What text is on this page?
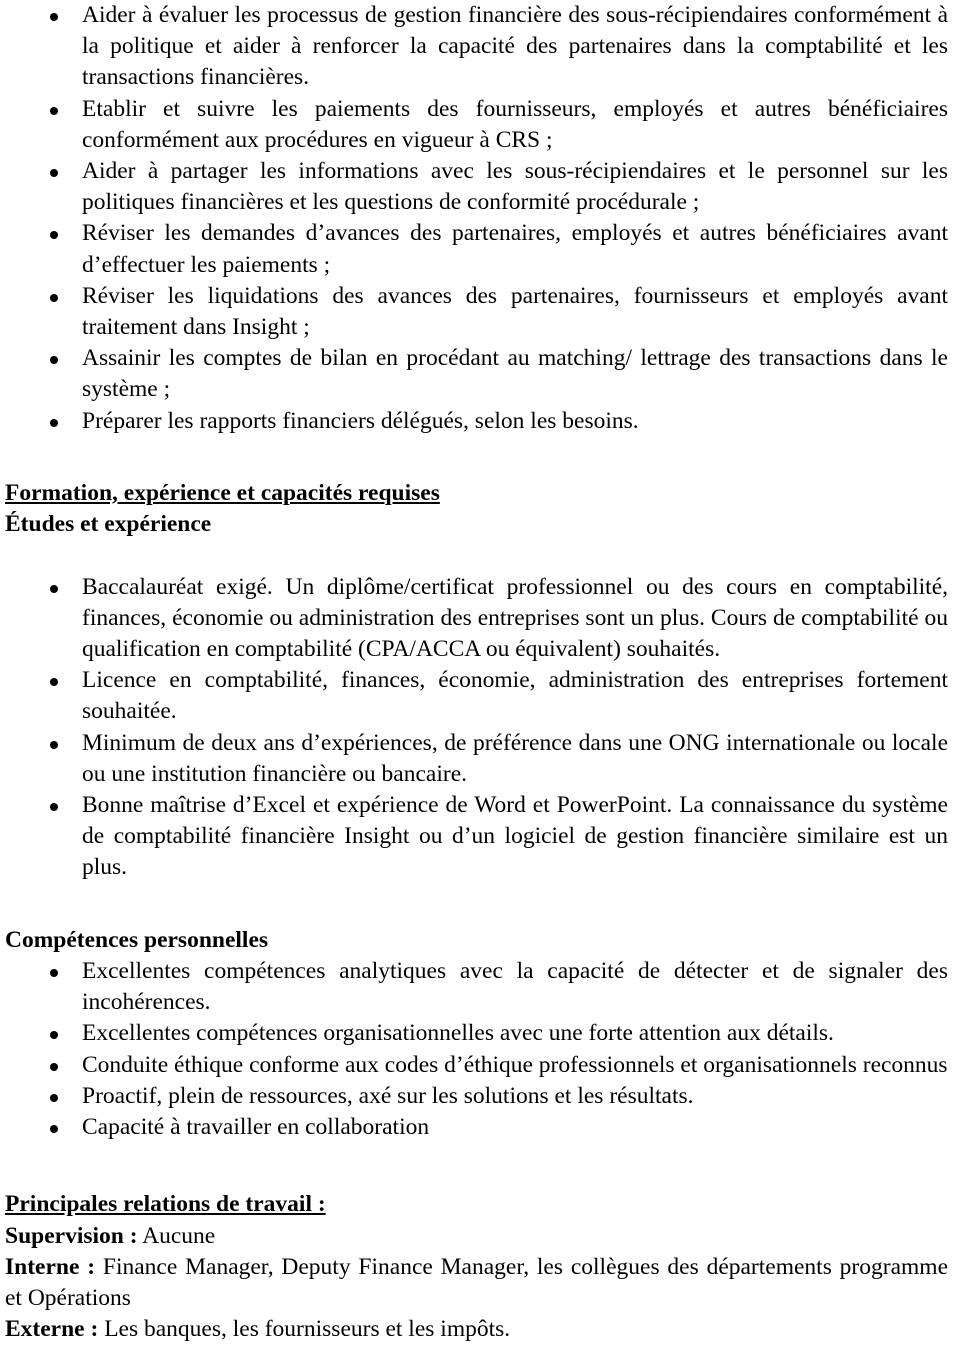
Aider à évaluer les processus de gestion financière des sous-récipiendaires conformément à la politique et aider à renforcer la capacité des partenaires dans la comptabilité et les transactions financières.
Etablir et suivre les paiements des fournisseurs, employés et autres bénéficiaires conformément aux procédures en vigueur à CRS ;
Aider à partager les informations avec les sous-récipiendaires et le personnel sur les politiques financières et les questions de conformité procédurale ;
Réviser les demandes d’avances des partenaires, employés et autres bénéficiaires avant d’effectuer les paiements ;
Réviser les liquidations des avances des partenaires, fournisseurs et employés avant traitement dans Insight ;
Assainir les comptes de bilan en procédant au matching/ lettrage des transactions dans le système ;
Préparer les rapports financiers délégués, selon les besoins.
Formation, expérience et capacités requises
Études et expérience
Baccalauréat exigé. Un diplôme/certificat professionnel ou des cours en comptabilité, finances, économie ou administration des entreprises sont un plus. Cours de comptabilité ou qualification en comptabilité (CPA/ACCA ou équivalent) souhaités.
Licence en comptabilité, finances, économie, administration des entreprises fortement souhaitée.
Minimum de deux ans d’expériences, de préférence dans une ONG internationale ou locale ou une institution financière ou bancaire.
Bonne maîtrise d’Excel et expérience de Word et PowerPoint. La connaissance du système de comptabilité financière Insight ou d’un logiciel de gestion financière similaire est un plus.
Compétences personnelles
Excellentes compétences analytiques avec la capacité de détecter et de signaler des incohérences.
Excellentes compétences organisationnelles avec une forte attention aux détails.
Conduite éthique conforme aux codes d’éthique professionnels et organisationnels reconnus
Proactif, plein de ressources, axé sur les solutions et les résultats.
Capacité à travailler en collaboration
Principales relations de travail :

Supervision : Aucune

Interne : Finance Manager, Deputy Finance Manager, les collègues des départements programme et Opérations

Externe : Les banques, les fournisseurs et les impôts.
